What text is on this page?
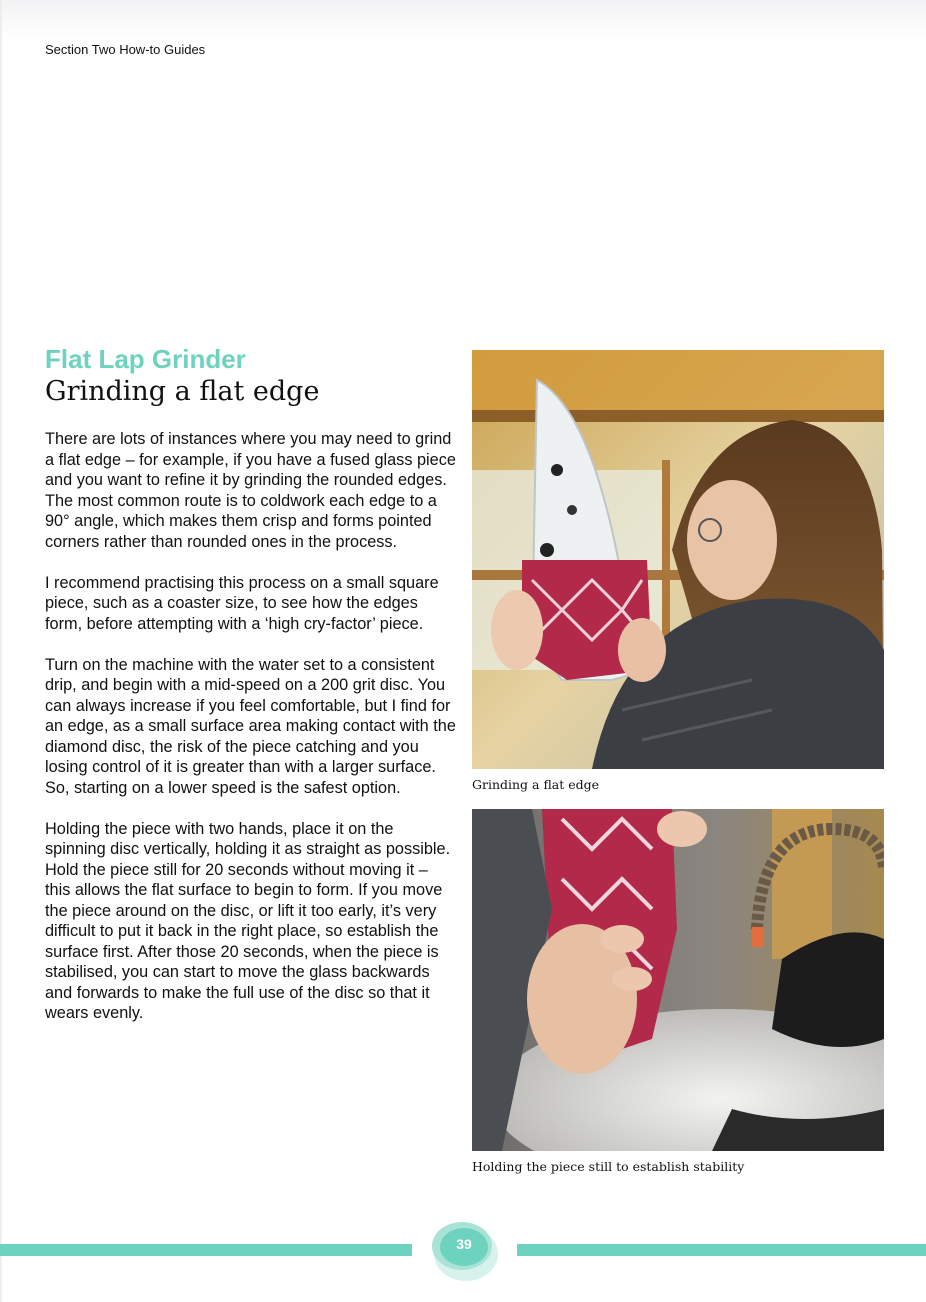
Section Two How-to Guides
Flat Lap Grinder
Grinding a flat edge

There are lots of instances where you may need to grind a flat edge – for example, if you have a fused glass piece and you want to refine it by grinding the rounded edges. The most common route is to coldwork each edge to a 90° angle, which makes them crisp and forms pointed corners rather than rounded ones in the process.

I recommend practising this process on a small square piece, such as a coaster size, to see how the edges form, before attempting with a ‘high cry-factor’ piece.

Turn on the machine with the water set to a consistent drip, and begin with a mid-speed on a 200 grit disc. You can always increase if you feel comfortable, but I find for an edge, as a small surface area making contact with the diamond disc, the risk of the piece catching and you losing control of it is greater than with a larger surface. So, starting on a lower speed is the safest option.

Holding the piece with two hands, place it on the spinning disc vertically, holding it as straight as possible. Hold the piece still for 20 seconds without moving it – this allows the flat surface to begin to form. If you move the piece around on the disc, or lift it too early, it’s very difficult to put it back in the right place, so establish the surface first. After those 20 seconds, when the piece is stabilised, you can start to move the glass backwards and forwards to make the full use of the disc so that it wears evenly.

Grinding a flat edge
Holding the piece still to establish stability
39
